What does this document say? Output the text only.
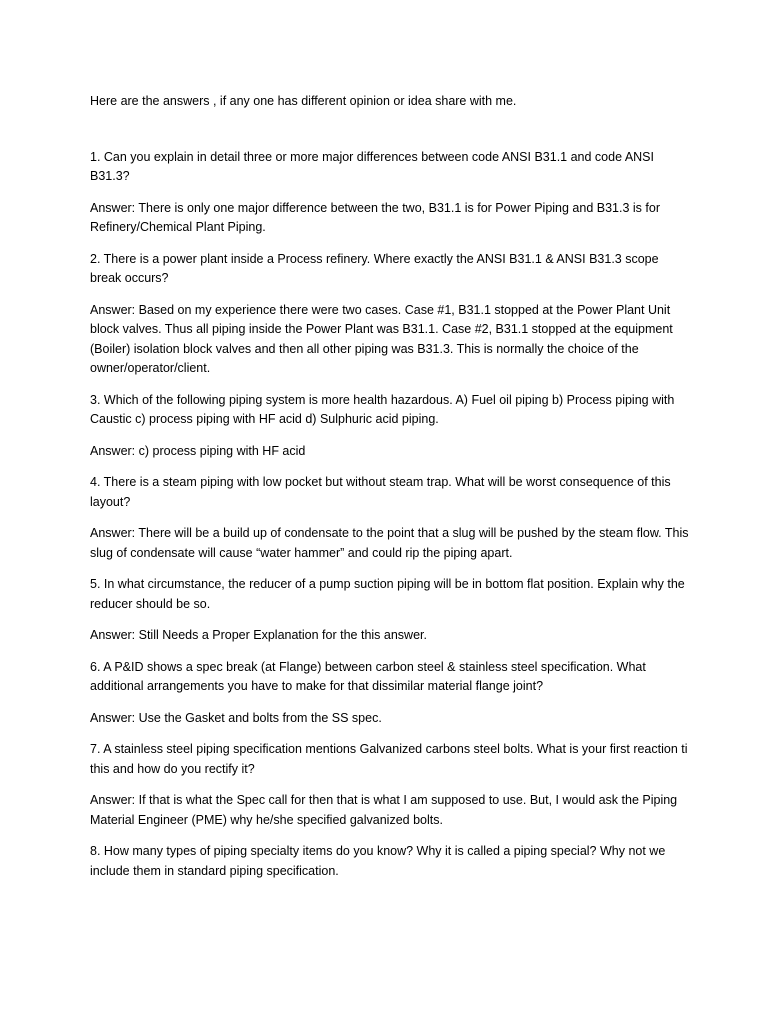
Here are the answers , if any one has different opinion or idea share with me.

1. Can you explain in detail three or more major differences between code ANSI B31.1 and code ANSI B31.3?

Answer: There is only one major difference between the two, B31.1 is for Power Piping and B31.3 is for Refinery/Chemical Plant Piping.

2. There is a power plant inside a Process refinery. Where exactly the ANSI B31.1 & ANSI B31.3 scope break occurs?

Answer: Based on my experience there were two cases. Case #1, B31.1 stopped at the Power Plant Unit block valves. Thus all piping inside the Power Plant was B31.1. Case #2, B31.1 stopped at the equipment (Boiler) isolation block valves and then all other piping was B31.3. This is normally the choice of the owner/operator/client.

3. Which of the following piping system is more health hazardous. A) Fuel oil piping b) Process piping with Caustic c) process piping with HF acid d) Sulphuric acid piping.

Answer: c) process piping with HF acid

4. There is a steam piping with low pocket but without steam trap. What will be worst consequence of this layout?

Answer: There will be a build up of condensate to the point that a slug will be pushed by the steam flow. This slug of condensate will cause “water hammer” and could rip the piping apart.

5. In what circumstance, the reducer of a pump suction piping will be in bottom flat position. Explain why the reducer should be so.

Answer: Still Needs a Proper Explanation for the this answer.

6. A P&ID shows a spec break (at Flange) between carbon steel & stainless steel specification. What additional arrangements you have to make for that dissimilar material flange joint?

Answer: Use the Gasket and bolts from the SS spec.

7. A stainless steel piping specification mentions Galvanized carbons steel bolts. What is your first reaction ti this and how do you rectify it?

Answer: If that is what the Spec call for then that is what I am supposed to use. But, I would ask the Piping Material Engineer (PME) why he/she specified galvanized bolts.

8. How many types of piping specialty items do you know? Why it is called a piping special? Why not we include them in standard piping specification.
